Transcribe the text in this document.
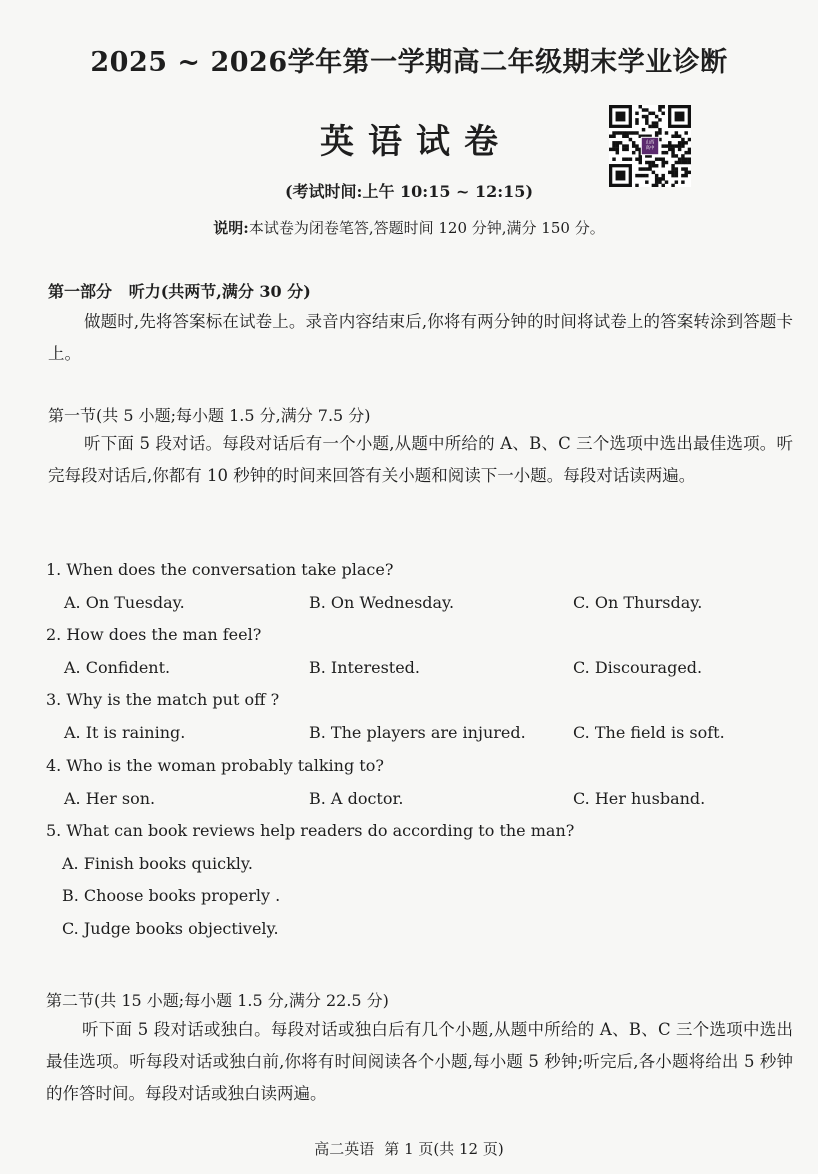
2025 ~ 2026学年第一学期高二年级期末学业诊断
英语试卷	山西
高中
(考试时间:上午 10:15 ~ 12:15)
说明:本试卷为闭卷笔答,答题时间 120 分钟,满分 150 分。
第一部分   听力(共两节,满分 30 分)
做题时,先将答案标在试卷上。录音内容结束后,你将有两分钟的时间将试卷上的答案转涂到答题卡上。
第一节(共 5 小题;每小题 1.5 分,满分 7.5 分)
听下面 5 段对话。每段对话后有一个小题,从题中所给的 A、B、C 三个选项中选出最佳选项。听完每段对话后,你都有 10 秒钟的时间来回答有关小题和阅读下一小题。每段对话读两遍。
1. When does the conversation take place?
A. On Tuesday.	B. On Wednesday.	C. On Thursday.
2. How does the man feel?
A. Confident.	B. Interested.	C. Discouraged.
3. Why is the match put off ?
A. It is raining.	B. The players are injured.	C. The field is soft.
4. Who is the woman probably talking to?
A. Her son.	B. A doctor.	C. Her husband.
5. What can book reviews help readers do according to the man?
A. Finish books quickly.
B. Choose books properly .
C. Judge books objectively.
第二节(共 15 小题;每小题 1.5 分,满分 22.5 分)
听下面 5 段对话或独白。每段对话或独白后有几个小题,从题中所给的 A、B、C 三个选项中选出最佳选项。听每段对话或独白前,你将有时间阅读各个小题,每小题 5 秒钟;听完后,各小题将给出 5 秒钟的作答时间。每段对话或独白读两遍。
高二英语 第 1 页(共 12 页)
